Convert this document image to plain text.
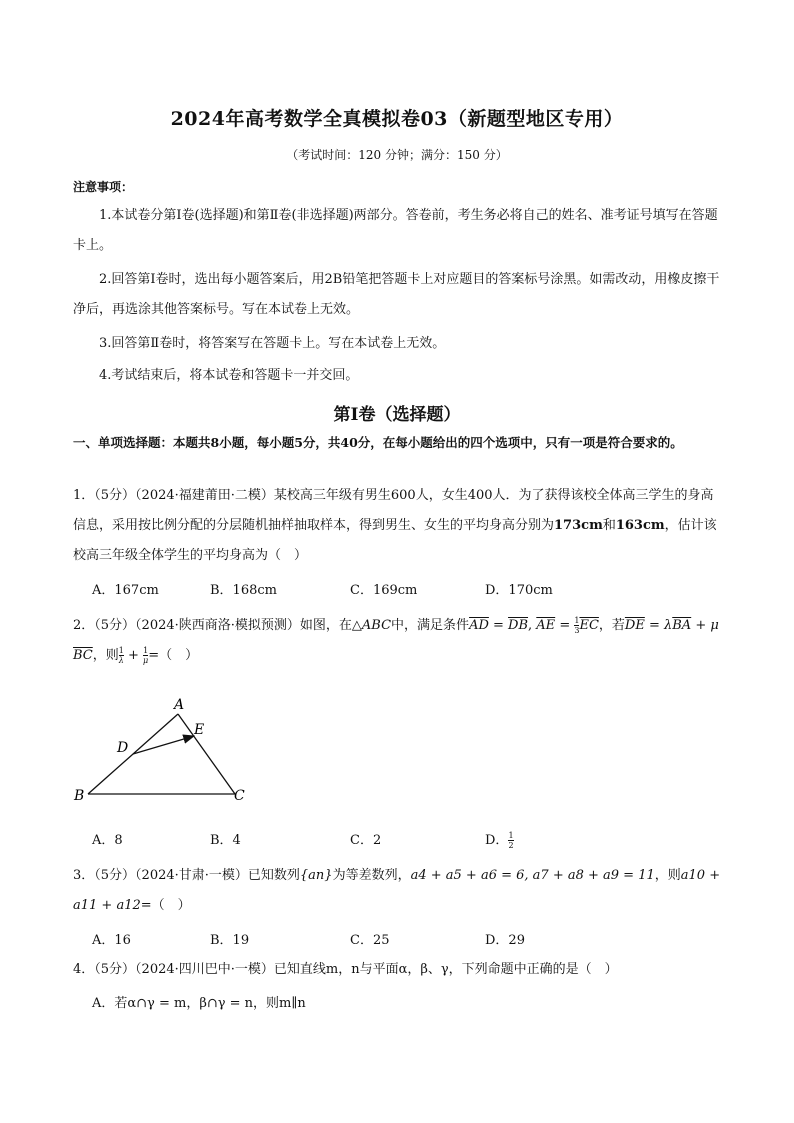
2024年高考数学全真模拟卷03（新题型地区专用）
（考试时间：120 分钟；满分：150 分）
注意事项：
1.本试卷分第Ⅰ卷(选择题)和第Ⅱ卷(非选择题)两部分。答卷前，考生务必将自己的姓名、准考证号填写在答题卡上。
2.回答第Ⅰ卷时，选出每小题答案后，用2B铅笔把答题卡上对应题目的答案标号涂黑。如需改动，用橡皮擦干净后，再选涂其他答案标号。写在本试卷上无效。
3.回答第Ⅱ卷时，将答案写在答题卡上。写在本试卷上无效。
4.考试结束后，将本试卷和答题卡一并交回。
第Ⅰ卷（选择题）
一、单项选择题：本题共8小题，每小题5分，共40分，在每小题给出的四个选项中，只有一项是符合要求的。
1．（5分）（2024·福建莆田·二模）某校高三年级有男生600人，女生400人．为了获得该校全体高三学生的身高信息，采用按比例分配的分层随机抽样抽取样本，得到男生、女生的平均身高分别为173cm和163cm，估计该校高三年级全体学生的平均身高为（　）
A．167cm	B．168cm	C．169cm	D．170cm
2．（5分）（2024·陕西商洛·模拟预测）如图，在△ABC中，满足条件$\overline{AD} = \overline{DB}$, $\overline{AE} = \frac{1}{3} \overline{EC}$，若$\overline{DE} = \lambda\overline{BA} + \mu$
$\overline{BC}$，则 $\frac{1}{\lambda} + \frac{1}{\mu}$ =（　）
A
B	C
D
E
A．8	B．4	C．2	D． $\frac{1}{2}$
3．（5分）（2024·甘肃·一模）已知数列{an}为等差数列，a4 + a5 + a6 = 6, a7 + a8 + a9 = 11，则a10 + a11 + a12=（　）
A．16	B．19	C．25	D．29
4．（5分）（2024·四川巴中·一模）已知直线m，n与平面α，β、γ，下列命题中正确的是（　）
A．若α∩γ = m，β∩γ = n，则m∥n
